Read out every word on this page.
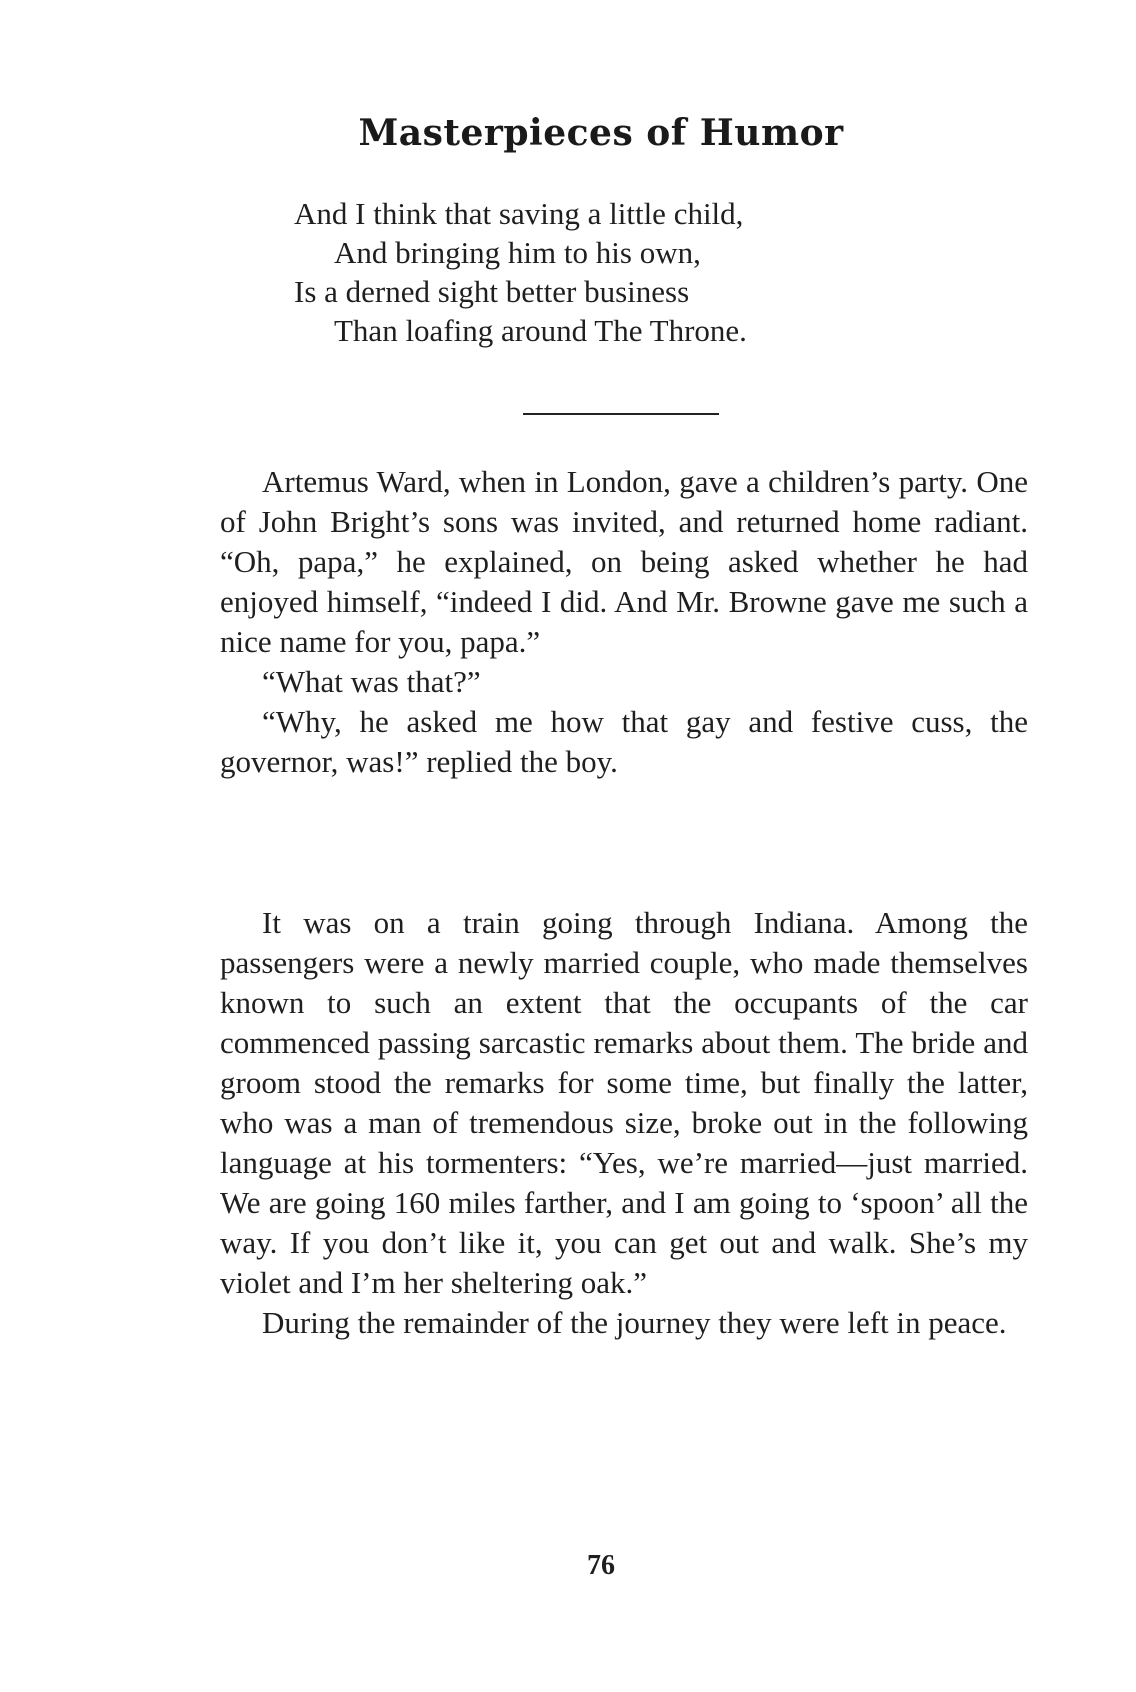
Masterpieces of Humor
And I think that saving a little child,
And bringing him to his own,
Is a derned sight better business
Than loafing around The Throne.

Artemus Ward, when in London, gave a children’s party. One of John Bright’s sons was invited, and returned home radiant. “Oh, papa,” he explained, on being asked whether he had enjoyed himself, “indeed I did. And Mr. Browne gave me such a nice name for you, papa.”

“What was that?”

“Why, he asked me how that gay and festive cuss, the governor, was!” replied the boy.

It was on a train going through Indiana. Among the passengers were a newly married couple, who made themselves known to such an extent that the occupants of the car commenced passing sarcastic remarks about them. The bride and groom stood the remarks for some time, but finally the latter, who was a man of tremendous size, broke out in the following language at his tormenters: “Yes, we’re married—just married. We are going 160 miles farther, and I am going to ‘spoon’ all the way. If you don’t like it, you can get out and walk. She’s my violet and I’m her sheltering oak.”

During the remainder of the journey they were left in peace.

76
